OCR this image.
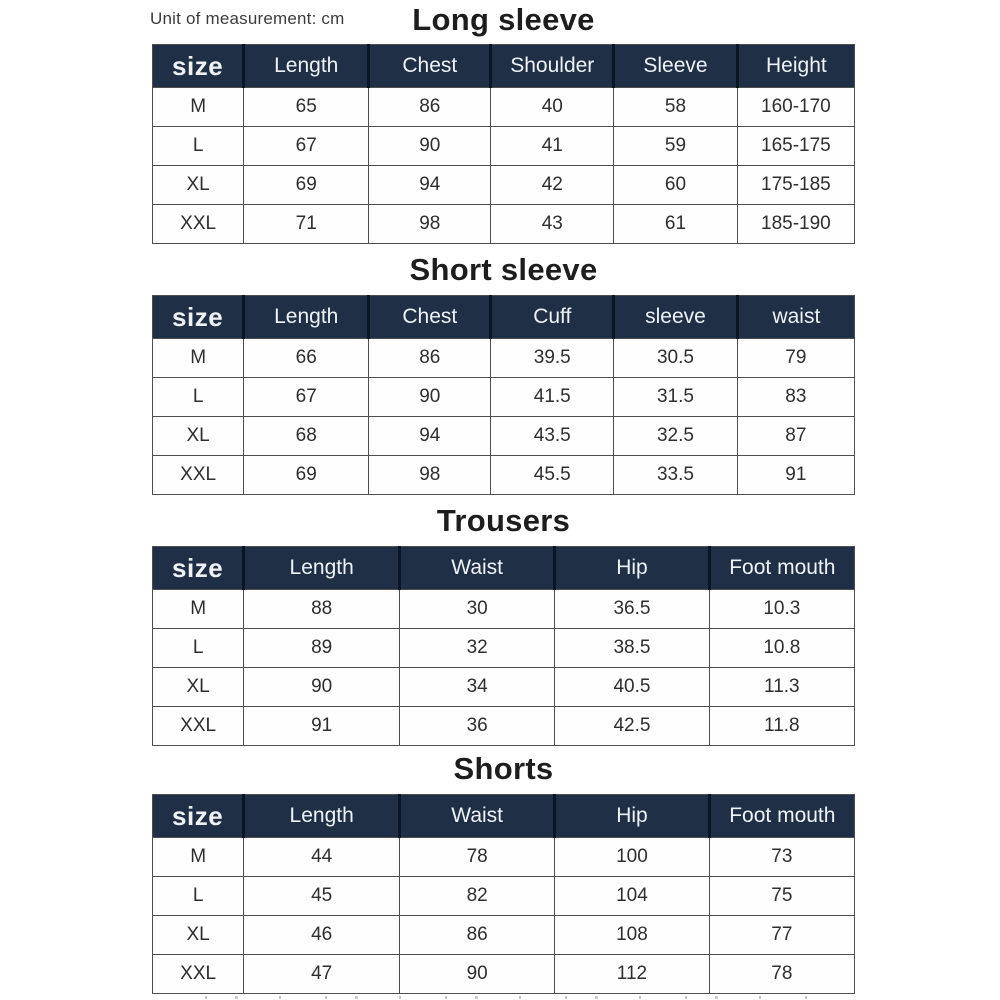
Unit of measurement: cm	Long sleeve
size	Length	Chest	Shoulder	Sleeve	Height
M	65	86	40	58	160-170
L	67	90	41	59	165-175
XL	69	94	42	60	175-185
XXL	71	98	43	61	185-190
Short sleeve
size	Length	Chest	Cuff	sleeve	waist
M	66	86	39.5	30.5	79
L	67	90	41.5	31.5	83
XL	68	94	43.5	32.5	87
XXL	69	98	45.5	33.5	91
Trousers
size	Length	Waist	Hip	Foot mouth
M	88	30	36.5	10.3
L	89	32	38.5	10.8
XL	90	34	40.5	11.3
XXL	91	36	42.5	11.8
Shorts
size	Length	Waist	Hip	Foot mouth
M	44	78	100	73
L	45	82	104	75
XL	46	86	108	77
XXL	47	90	112	78
